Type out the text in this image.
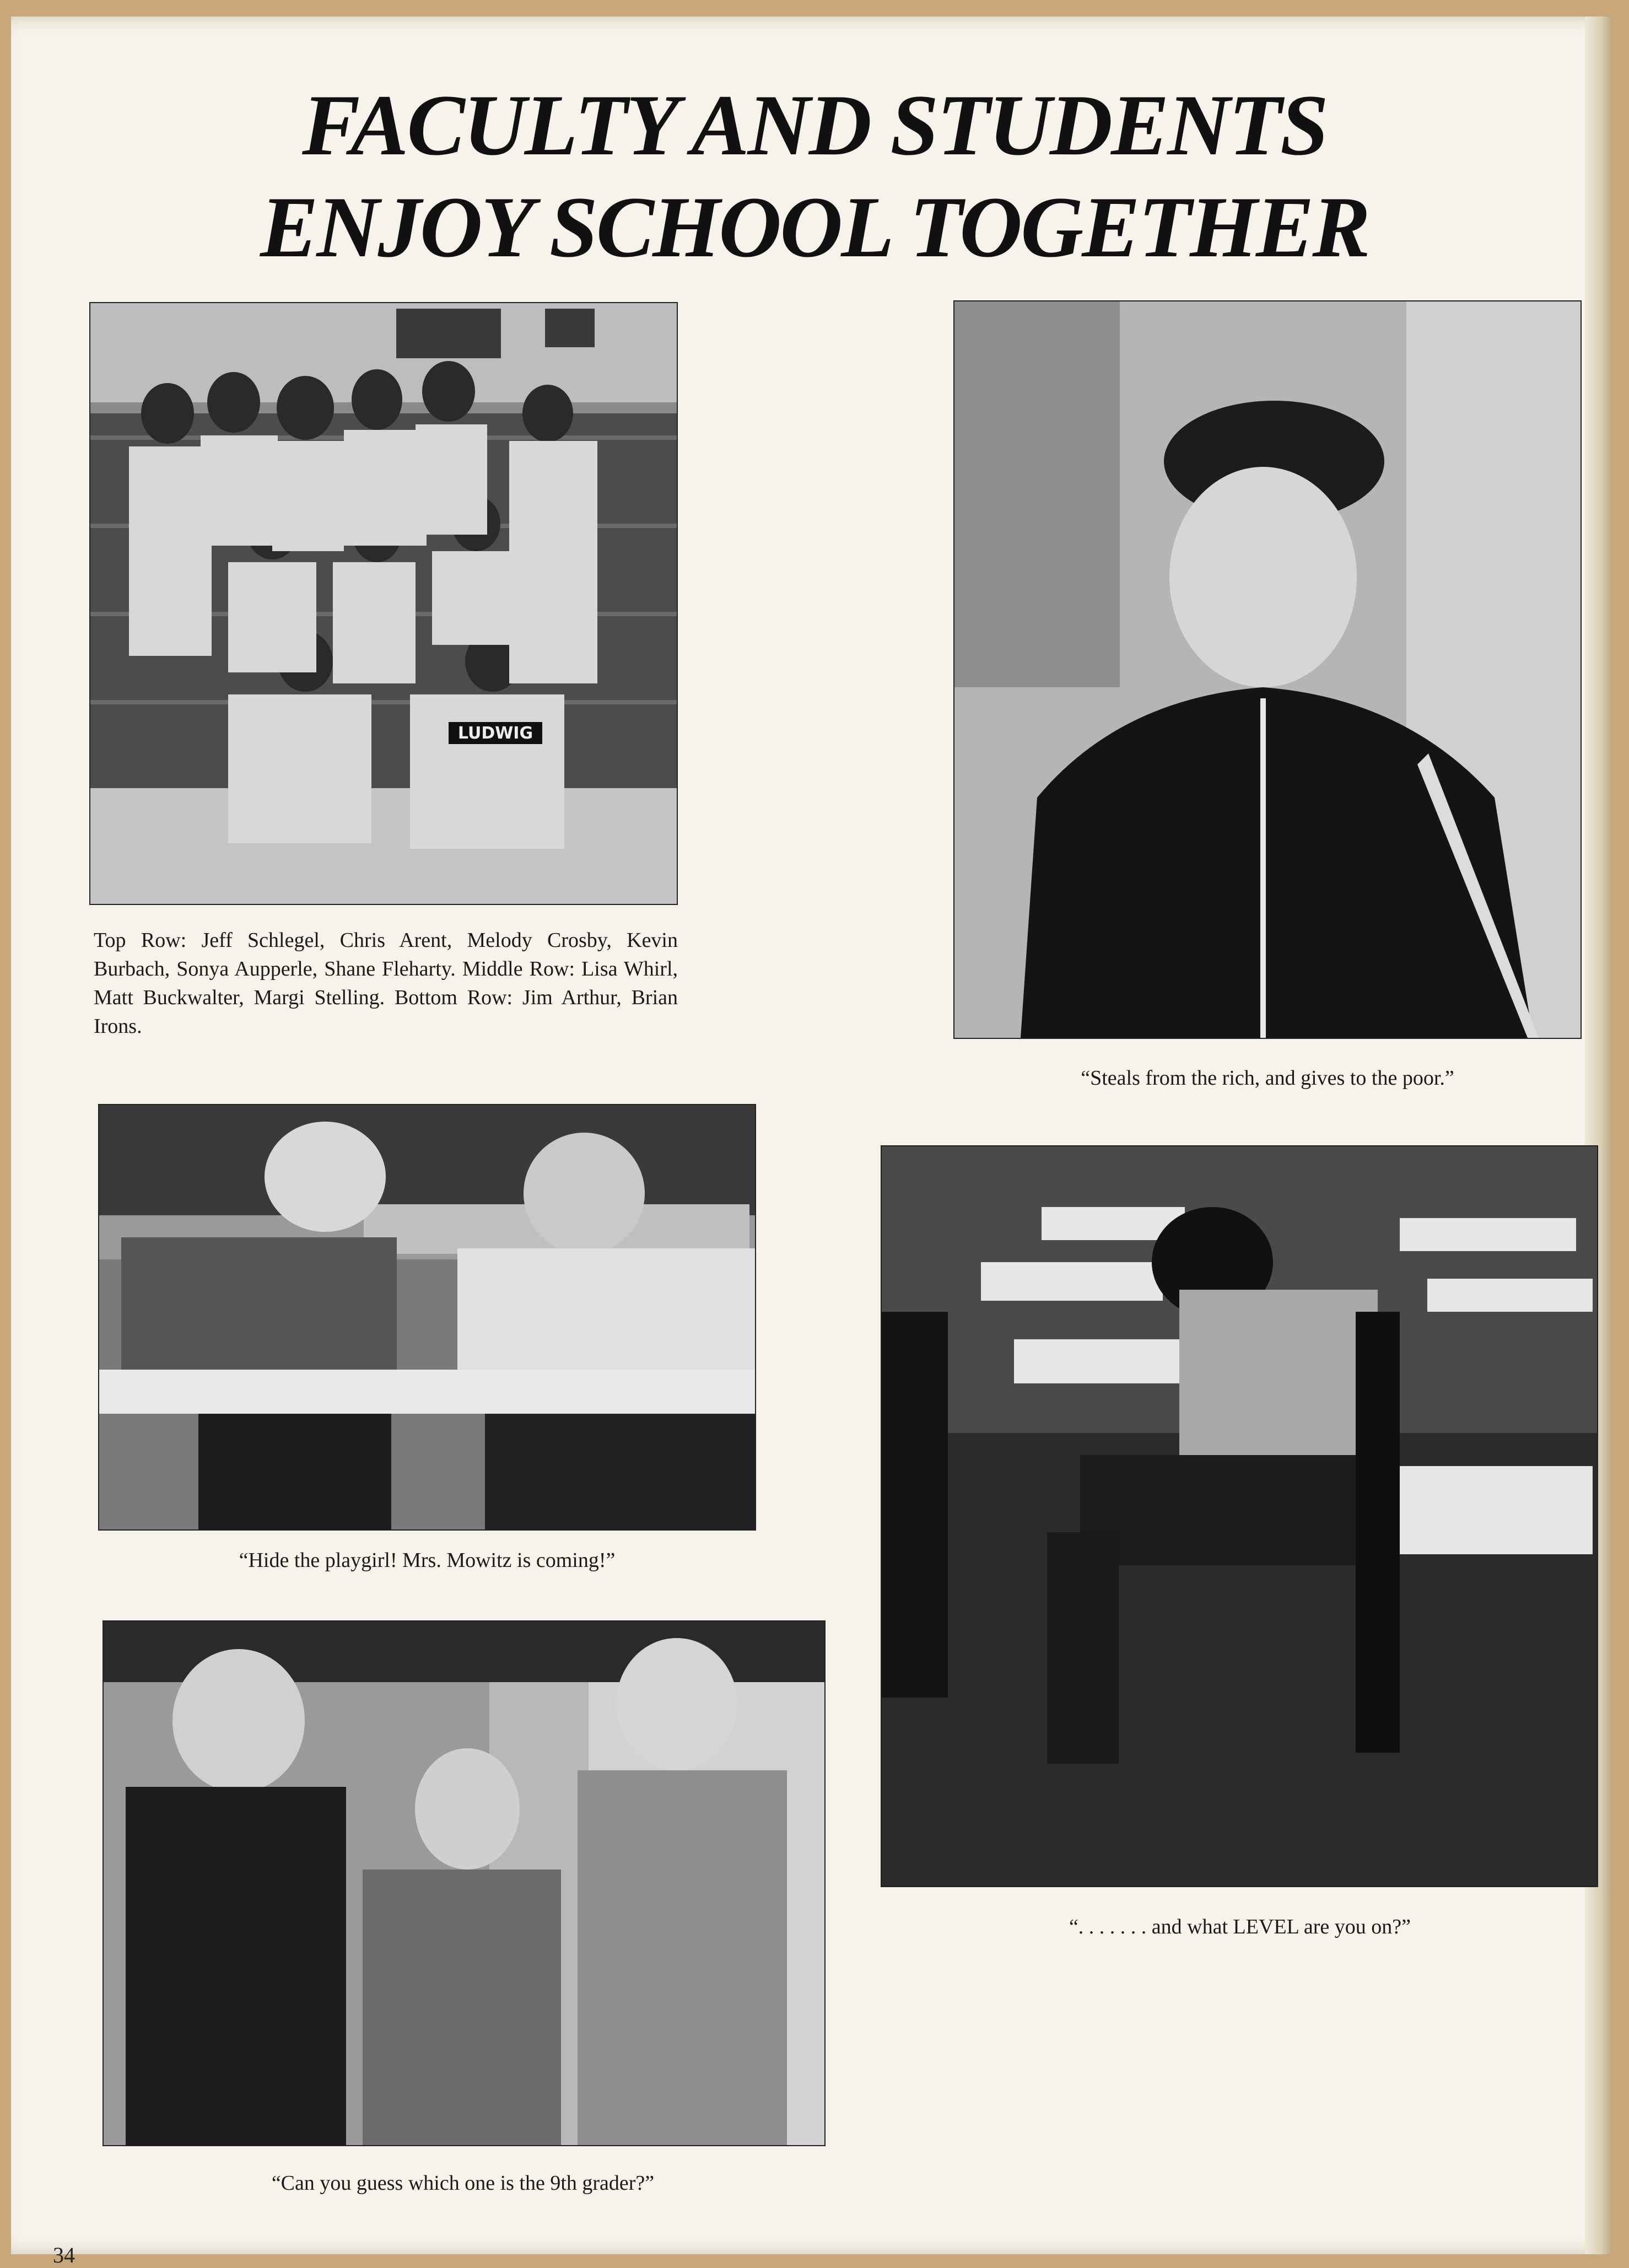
FACULTY AND STUDENTS
ENJOY SCHOOL TOGETHER
LUDWIG
Top Row: Jeff Schlegel, Chris Arent, Melody Crosby, Kevin Burbach, Sonya Aupperle, Shane Fleharty. Middle Row: Lisa Whirl, Matt Buckwalter, Margi Stelling. Bottom Row: Jim Arthur, Brian Irons.
“Steals from the rich, and gives to the poor.”
“Hide the playgirl! Mrs. Mowitz is coming!”
“. . . . . . . and what LEVEL are you on?”
“Can you guess which one is the 9th grader?”
34
